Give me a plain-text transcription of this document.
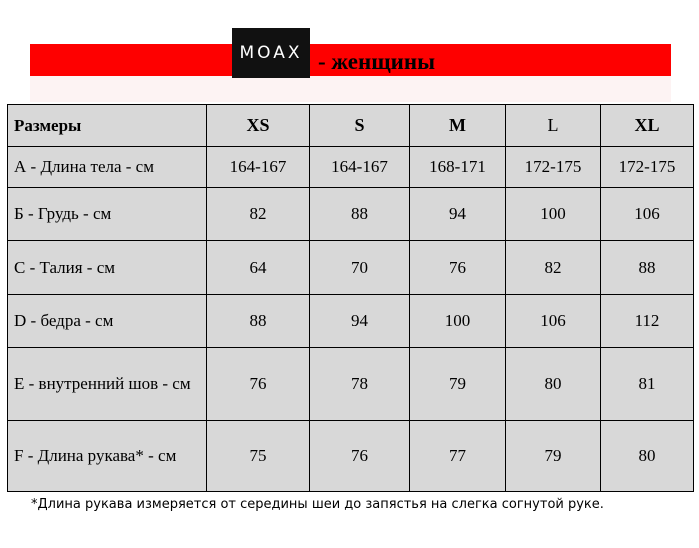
MOAX - женщины
Размеры	XS	S	M	L	XL
А - Длина тела - см	164-167	164-167	168-171	172-175	172-175
Б - Грудь - см	82	88	94	100	106
С - Талия - см	64	70	76	82	88
D - бедра - см	88	94	100	106	112
Е - внутренний шов - см	76	78	79	80	81
F - Длина рукава* - см	75	76	77	79	80
*Длина рукава измеряется от середины шеи до запястья на слегка согнутой руке.
